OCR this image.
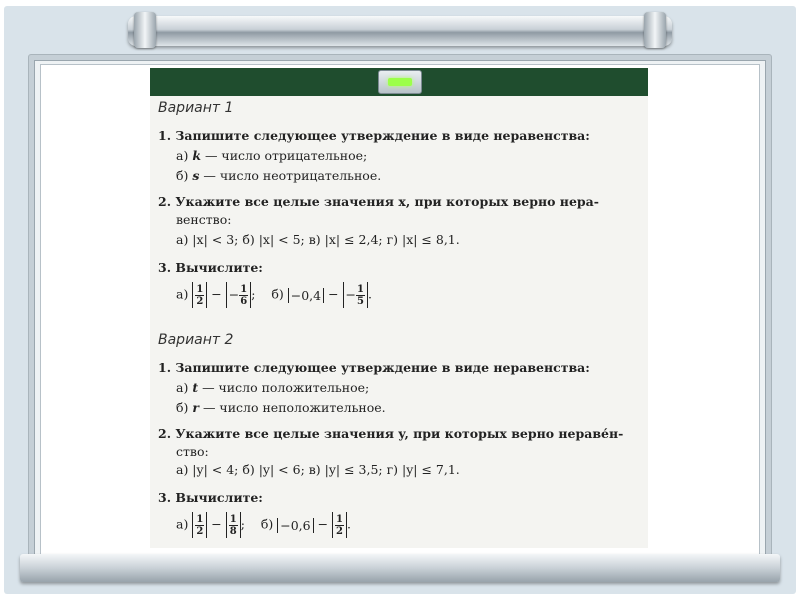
Вариант 1
1. Запишите следующее утверждение в виде неравенства:
а) k — число отрицательное;
б) s — число неотрицательное.
2. Укажите все целые значения x, при которых верно нера-
венство:
а) |x| < 3; б) |x| < 5; в) |x| ≤ 2,4; г) |x| ≤ 8,1.
3. Вычислите:
$а) \frac{1}{2}$ − − $\frac{1}{6}$ ; б) −0,4 − − $\frac{1}{5}$ .
Вариант 2
1. Запишите следующее утверждение в виде неравенства:
а) t — число положительное;
б) r — число неположительное.
2. Укажите все целые значения y, при которых верно нераве́н-
ство:
а) |y| < 4; б) |y| < 6; в) |y| ≤ 3,5; г) |y| ≤ 7,1.
3. Вычислите:
$а) \frac{1}{2} - \frac{1}{8}$ ; $б) -0,6 - \frac{1}{2}$ .
